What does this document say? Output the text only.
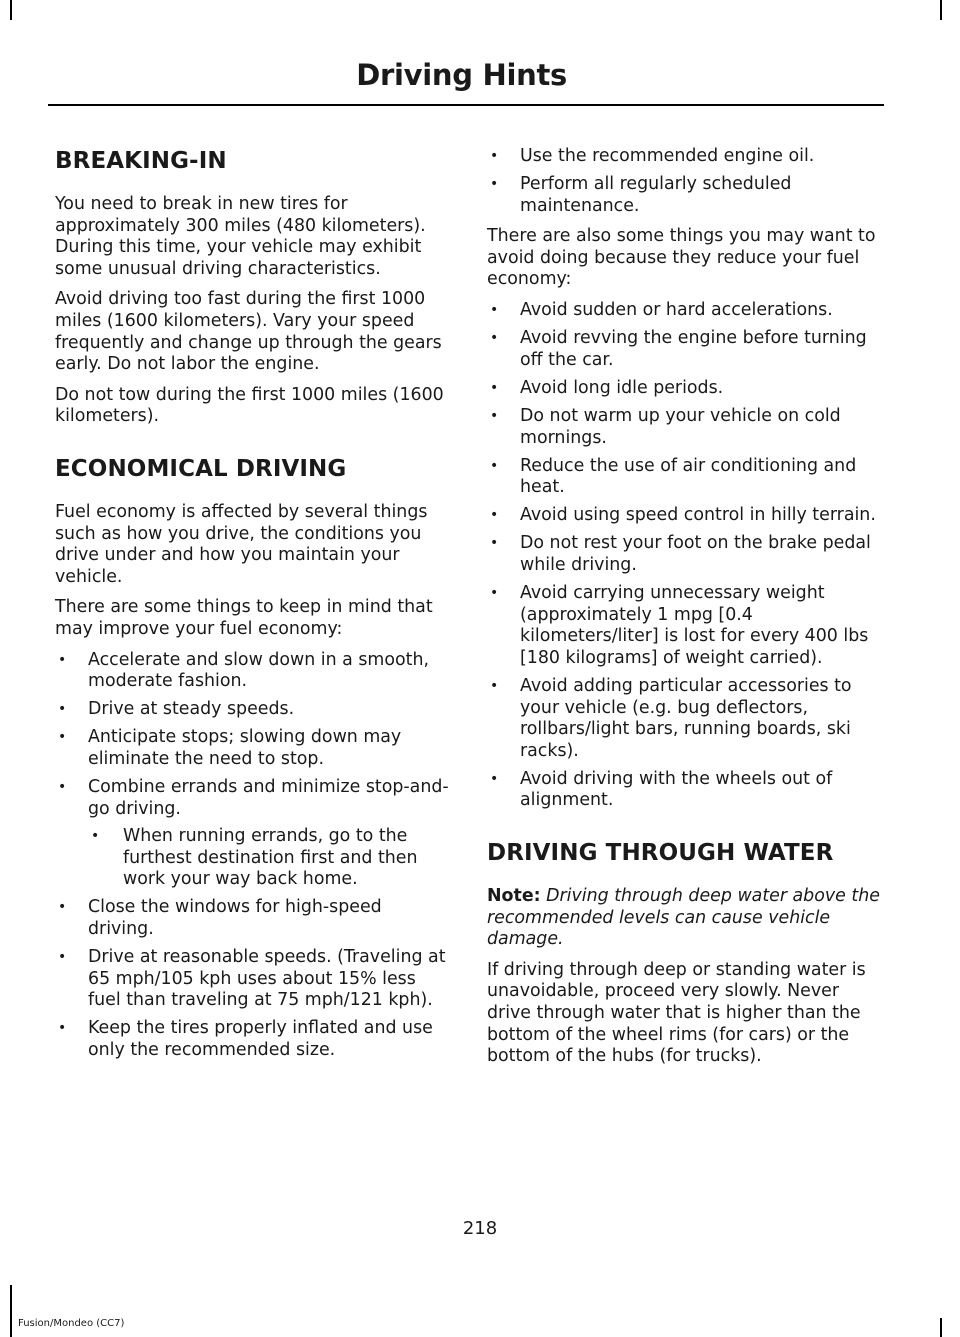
Driving Hints
BREAKING-IN

You need to break in new tires for approximately 300 miles (480 kilometers). During this time, your vehicle may exhibit some unusual driving characteristics.

Avoid driving too fast during the first 1000 miles (1600 kilometers). Vary your speed frequently and change up through the gears early. Do not labor the engine.

Do not tow during the first 1000 miles (1600 kilometers).

ECONOMICAL DRIVING

Fuel economy is affected by several things such as how you drive, the conditions you drive under and how you maintain your vehicle.

There are some things to keep in mind that may improve your fuel economy:

• Accelerate and slow down in a smooth, moderate fashion.
• Drive at steady speeds.
• Anticipate stops; slowing down may eliminate the need to stop.
• Combine errands and minimize stop-and-go driving.
• When running errands, go to the furthest destination first and then work your way back home.
• Close the windows for high-speed driving.
• Drive at reasonable speeds. (Traveling at 65 mph/105 kph uses about 15% less fuel than traveling at 75 mph/121 kph).
• Keep the tires properly inflated and use only the recommended size.
• Use the recommended engine oil.
• Perform all regularly scheduled maintenance.

There are also some things you may want to avoid doing because they reduce your fuel economy:

• Avoid sudden or hard accelerations.
• Avoid revving the engine before turning off the car.
• Avoid long idle periods.
• Do not warm up your vehicle on cold mornings.
• Reduce the use of air conditioning and heat.
• Avoid using speed control in hilly terrain.
• Do not rest your foot on the brake pedal while driving.
• Avoid carrying unnecessary weight (approximately 1 mpg [0.4 kilometers/liter] is lost for every 400 lbs [180 kilograms] of weight carried).
• Avoid adding particular accessories to your vehicle (e.g. bug deflectors, rollbars/light bars, running boards, ski racks).
• Avoid driving with the wheels out of alignment.
DRIVING THROUGH WATER

Note: Driving through deep water above the recommended levels can cause vehicle damage.

If driving through deep or standing water is unavoidable, proceed very slowly. Never drive through water that is higher than the bottom of the wheel rims (for cars) or the bottom of the hubs (for trucks).

218
Fusion/Mondeo (CC7)
